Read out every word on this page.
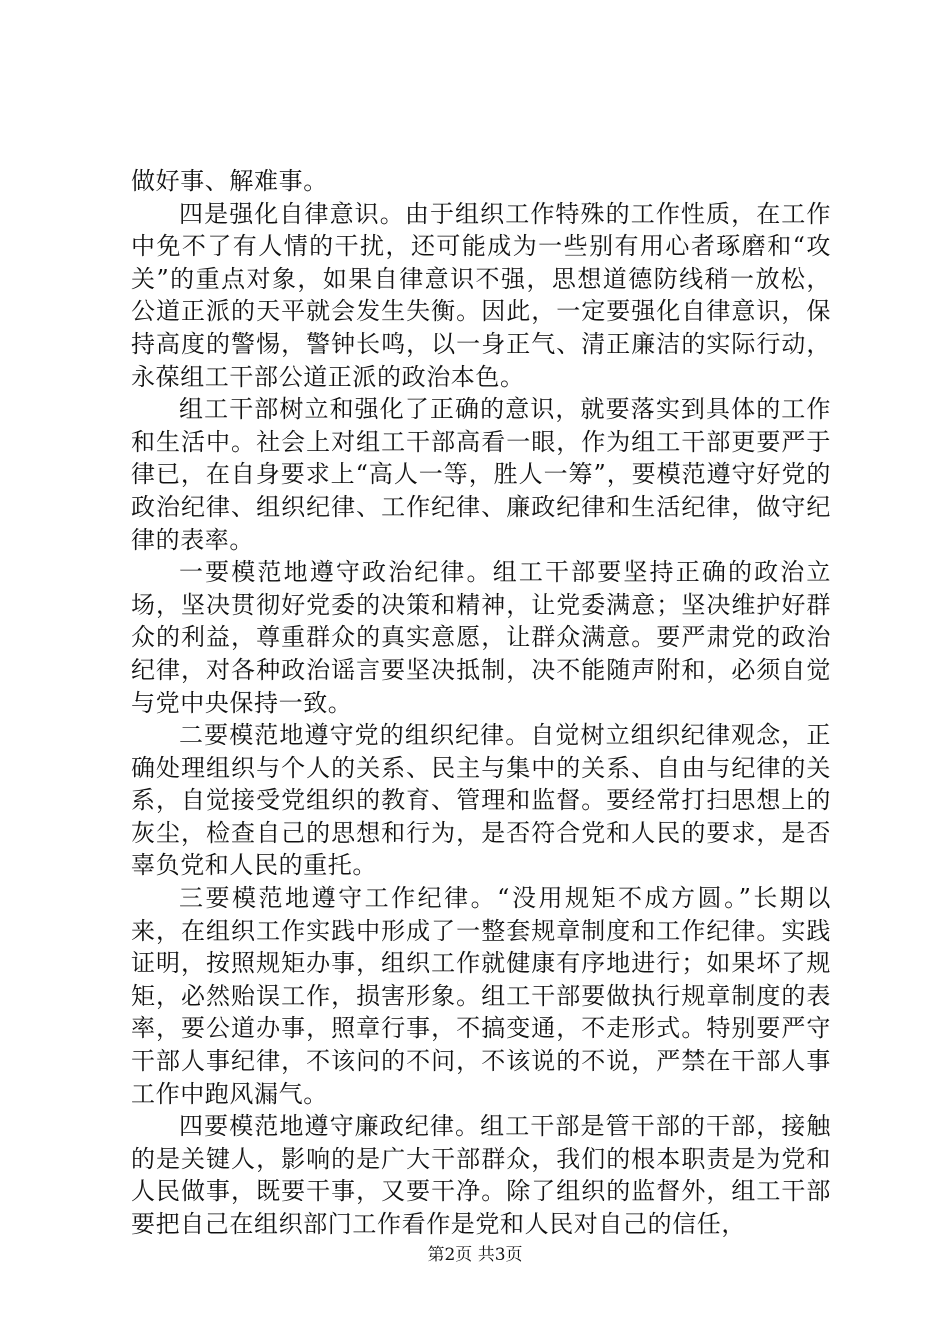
做好事、解难事。

四是强化自律意识。由于组织工作特殊的工作性质，在工作中免不了有人情的干扰，还可能成为一些别有用心者琢磨和“攻关”的重点对象，如果自律意识不强，思想道德防线稍一放松，公道正派的天平就会发生失衡。因此，一定要强化自律意识，保持高度的警惕，警钟长鸣，以一身正气、清正廉洁的实际行动，永葆组工干部公道正派的政治本色。

组工干部树立和强化了正确的意识，就要落实到具体的工作和生活中。社会上对组工干部高看一眼，作为组工干部更要严于律已，在自身要求上“高人一等，胜人一筹”，要模范遵守好党的政治纪律、组织纪律、工作纪律、廉政纪律和生活纪律，做守纪律的表率。

一要模范地遵守政治纪律。组工干部要坚持正确的政治立场，坚决贯彻好党委的决策和精神，让党委满意；坚决维护好群众的利益，尊重群众的真实意愿，让群众满意。要严肃党的政治纪律，对各种政治谣言要坚决抵制，决不能随声附和，必须自觉与党中央保持一致。

二要模范地遵守党的组织纪律。自觉树立组织纪律观念，正确处理组织与个人的关系、民主与集中的关系、自由与纪律的关系，自觉接受党组织的教育、管理和监督。要经常打扫思想上的灰尘，检查自己的思想和行为，是否符合党和人民的要求，是否辜负党和人民的重托。

三要模范地遵守工作纪律。“没用规矩不成方圆。”长期以来，在组织工作实践中形成了一整套规章制度和工作纪律。实践证明，按照规矩办事，组织工作就健康有序地进行；如果坏了规矩，必然贻误工作，损害形象。组工干部要做执行规章制度的表率，要公道办事，照章行事，不搞变通，不走形式。特别要严守干部人事纪律，不该问的不问，不该说的不说，严禁在干部人事工作中跑风漏气。

四要模范地遵守廉政纪律。组工干部是管干部的干部，接触的是关键人，影响的是广大干部群众，我们的根本职责是为党和人民做事，既要干事，又要干净。除了组织的监督外，组工干部要把自己在组织部门工作看作是党和人民对自己的信任，

第2页 共3页
